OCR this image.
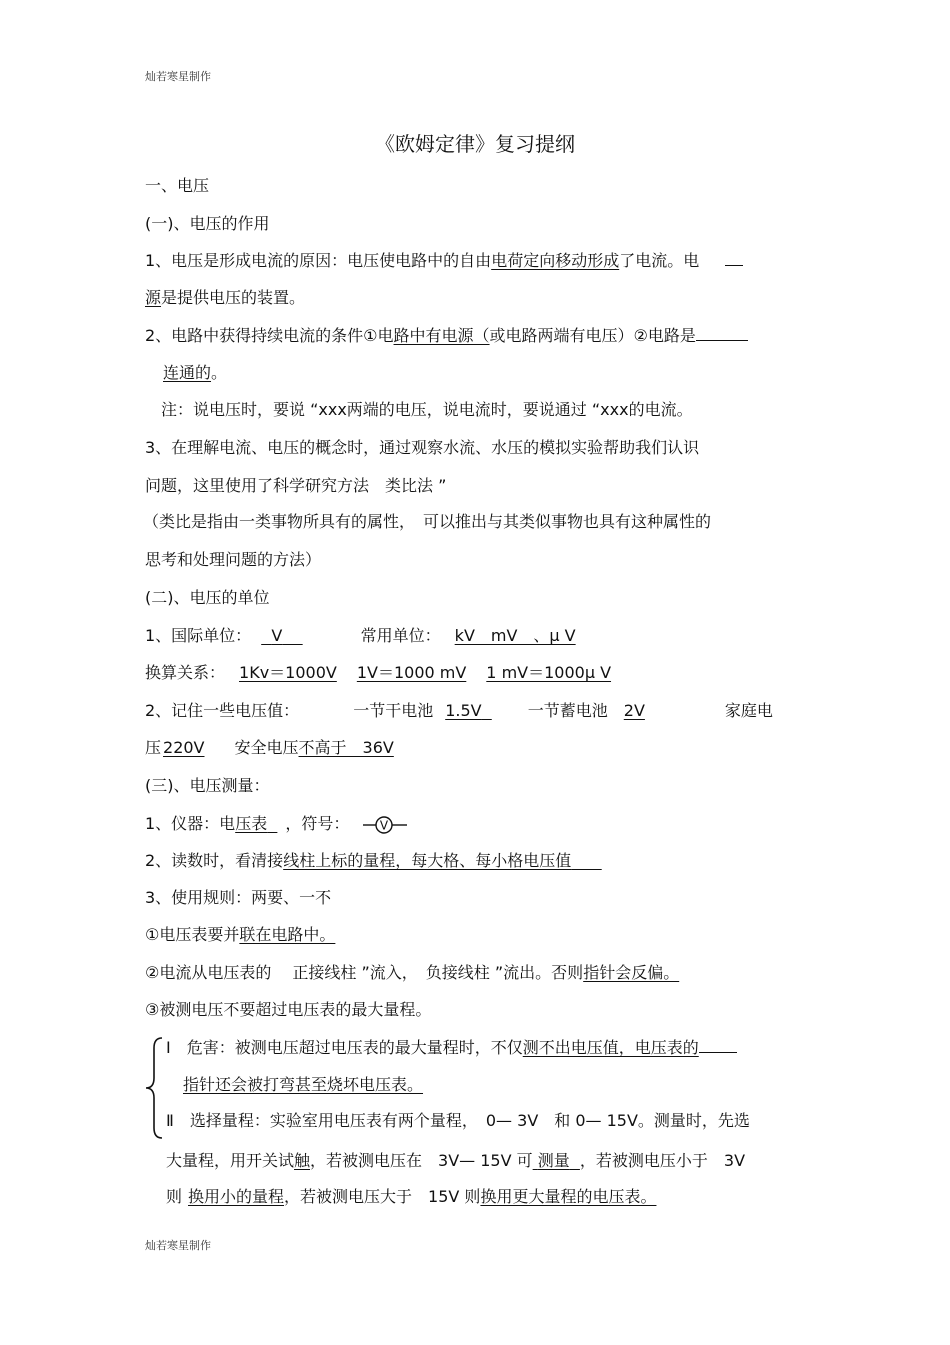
灿若寒星制作
《欧姆定律》复习提纲
一、电压
(一)、电压的作用
1、电压是形成电流的原因：电压使电路中的自由电荷定向移动形成了电流。电
源是提供电压的装置。
2、电路中获得持续电流的条件①电路中有电源（或电路两端有电压）②电路是
连通的。
注：说电压时，要说 “xxx两端的电压，说电流时，要说通过 “xxx的电流。
3、在理解电流、电压的概念时，通过观察水流、水压的模拟实验帮助我们认识
问题，这里使用了科学研究方法　类比法 ”
（类比是指由一类事物所具有的属性，　可以推出与其类似事物也具有这种属性的
思考和处理问题的方法）
(二)、电压的单位
1、国际单位： V	常用单位： kV　mV　、μ V
换算关系： 1Kv＝1000V 1V＝1000 mV 1 mV＝1000μ V
2、记住一些电压值：	一节干电池 1.5V	一节蓄电池 2V	家庭电
压 220V 安全电压不高于　36V
(三)、电压测量：
1、仪器：电压表 ，符号：	V
2、读数时，看清接线柱上标的量程，每大格、每小格电压值
3、使用规则：两要、一不
①电压表要并联在电路中。
②电流从电压表的　 正接线柱 ”流入，　负接线柱 ”流出。否则指针会反偏。
③被测电压不要超过电压表的最大量程。
Ⅰ　危害：被测电压超过电压表的最大量程时，不仅测不出电压值，电压表的
指针还会被打弯甚至烧坏电压表。
Ⅱ　选择量程：实验室用电压表有两个量程，　0— 3V　和 0— 15V。测量时，先选
大量程，用开关试触，若被测电压在　3V— 15V 可 测量 ，若被测电压小于　3V
则 换用小的量程，若被测电压大于　15V 则换用更大量程的电压表。
灿若寒星制作
